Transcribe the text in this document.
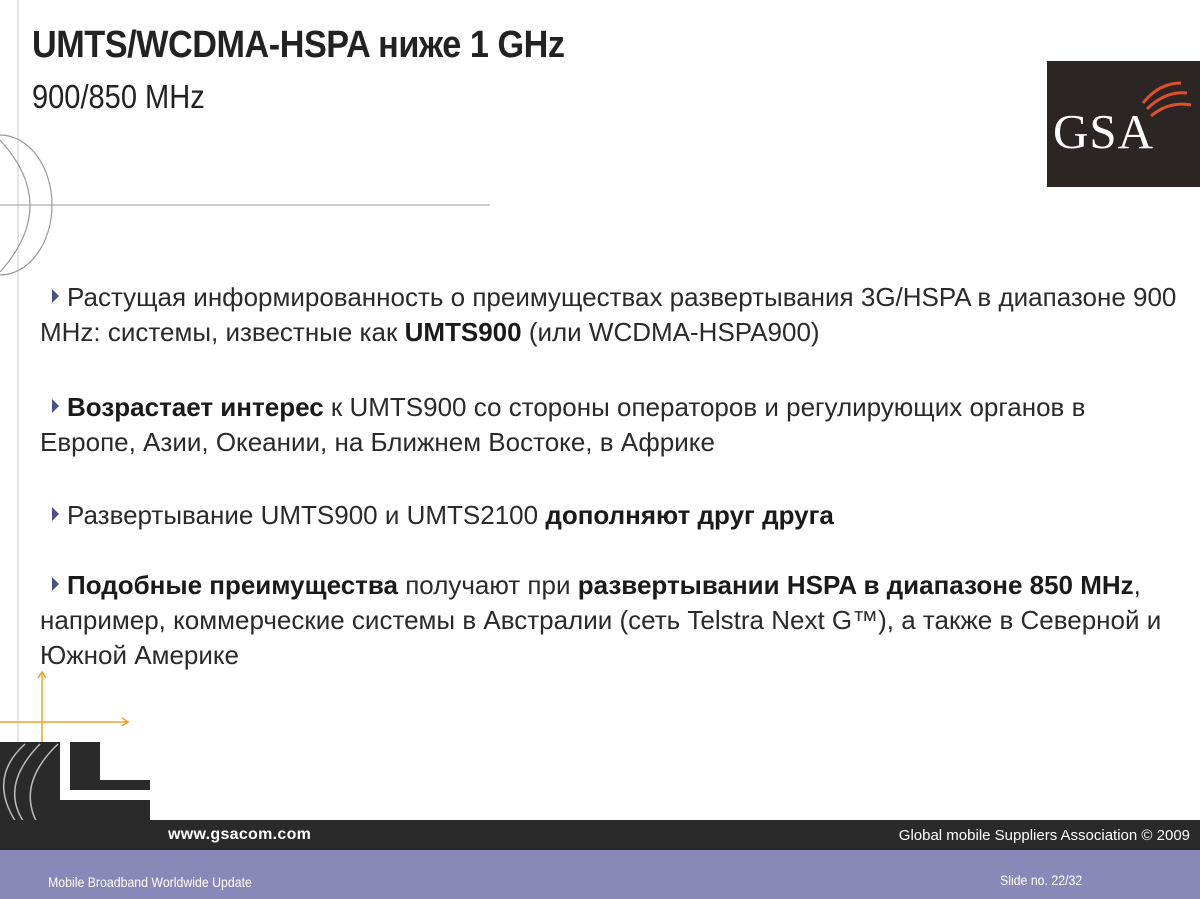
UMTS/WCDMA-HSPA ниже 1 GHz
900/850 MHz
GSA
Растущая информированность о преимуществах развертывания 3G/HSPA в диапазоне 900 MHz: системы, известные как UMTS900 (или WCDMA-HSPA900)
Возрастает интерес к UMTS900 со стороны операторов и регулирующих органов в Европе, Азии, Океании, на Ближнем Востоке, в Африке
Развертывание UMTS900 и UMTS2100 дополняют друг друга
Подобные преимущества получают при развертывании HSPA в диапазоне 850 MHz, например, коммерческие системы в Австралии (сеть Telstra Next G™), а также в Северной и Южной Америке
www.gsacom.com	Global mobile Suppliers Association © 2009
Mobile Broadband Worldwide Update	Slide no. 22/32
